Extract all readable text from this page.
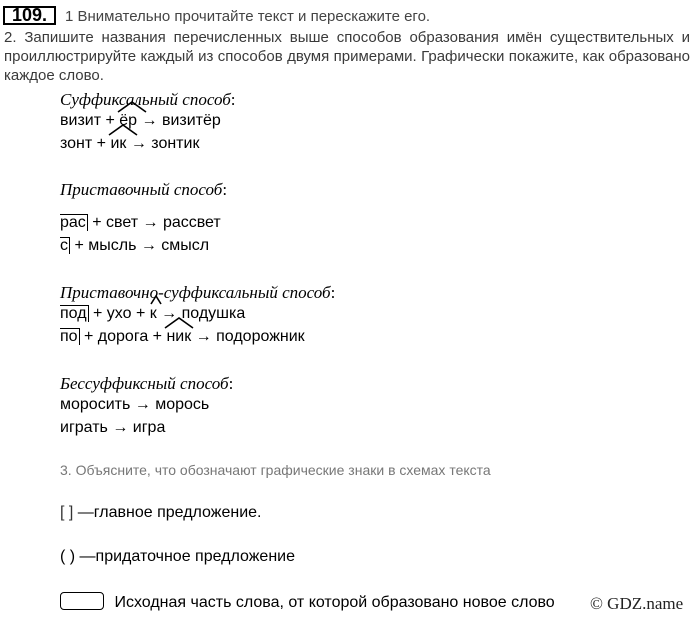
109.	1 Внимательно прочитайте текст и перескажите его.
2. Запишите названия перечисленных выше способов образования имён существительных и проиллюстрируйте каждый из способов двумя примерами. Графически покажите, как образовано каждое слово.
Суффиксальный способ:
визит +
ёр → визитёр
зонт +
ик → зонтик
Приставочный способ:
рас + свет → рассвет
с + мысль → смысл
Приставочно-суффиксальный способ:
под + ухо +
к → подушка
по + дорога +
ник → подорожник
Бессуффиксный способ:
моросить → морось
играть → игра
3. Объясните, что обозначают графические знаки в схемах текста
[ ] —главное предложение.
( ) —придаточное предложение
Исходная часть слова, от которой образовано новое слово © GDZ.name
